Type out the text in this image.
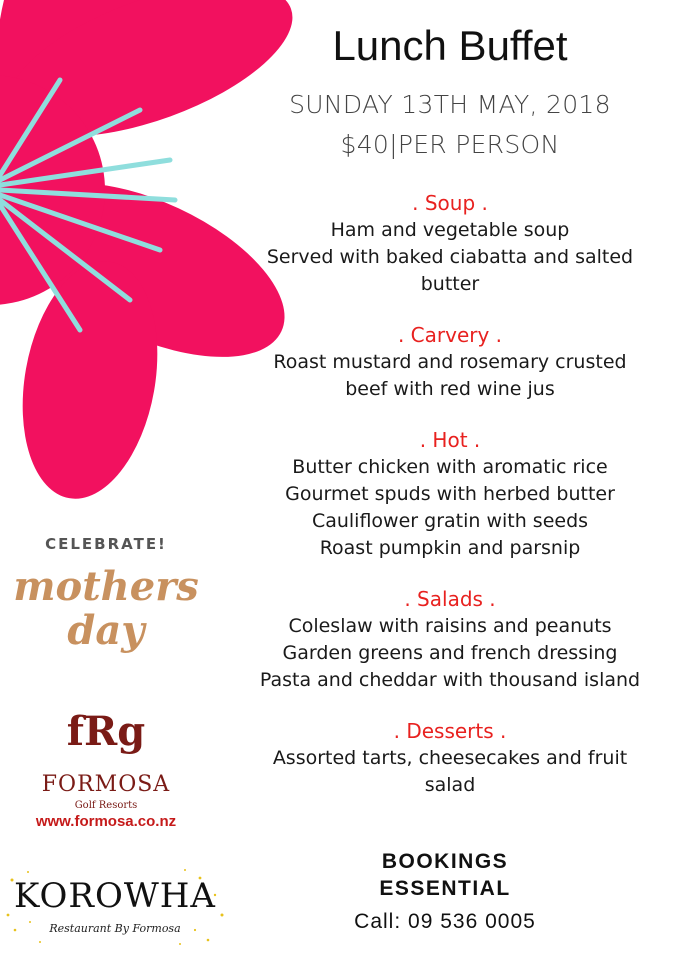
Lunch Buffet
SUNDAY 13TH MAY, 2018
$40|PER PERSON
. Soup .
Ham and vegetable soup
Served with baked ciabatta and salted
butter
. Carvery .
Roast mustard and rosemary crusted
beef with red wine jus
. Hot .
Butter chicken with aromatic rice
Gourmet spuds with herbed butter
Cauliflower gratin with seeds
Roast pumpkin and parsnip
. Salads .
Coleslaw with raisins and peanuts
Garden greens and french dressing
Pasta and cheddar with thousand island
. Desserts .
Assorted tarts, cheesecakes and fruit
salad
CELEBRATE!
mothers
day
fRg
FORMOSA
Golf Resorts
www.formosa.co.nz
KOROWHA
Restaurant By Formosa
BOOKINGS
ESSENTIAL
Call: 09 536 0005
